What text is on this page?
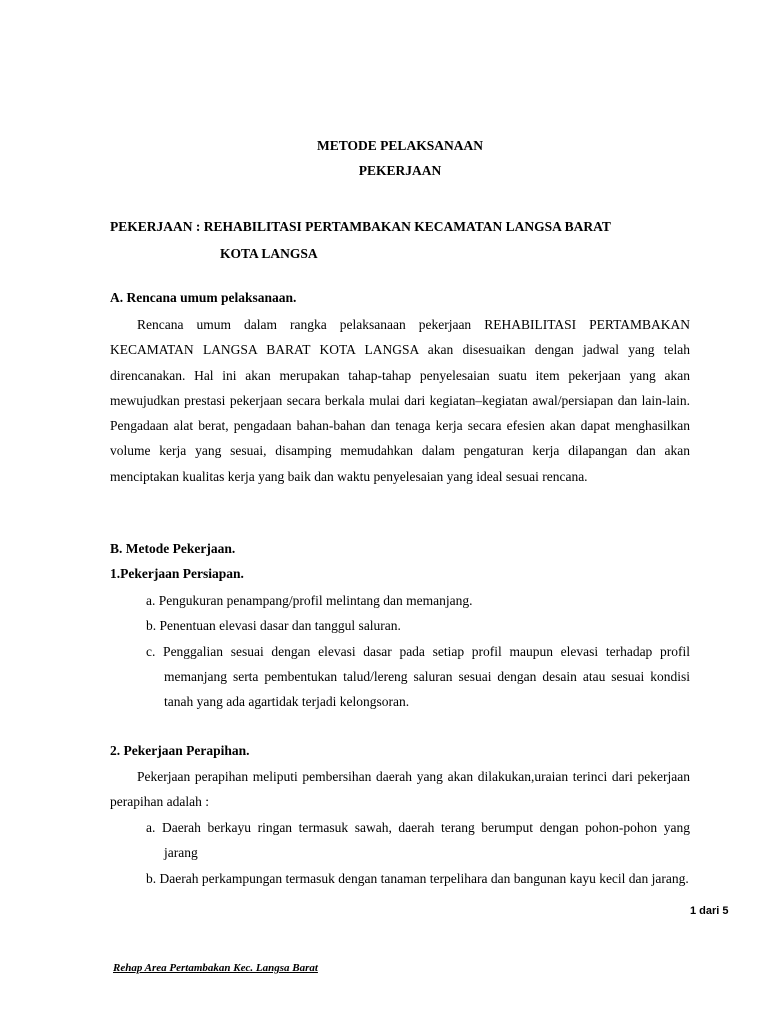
METODE PELAKSANAAN
PEKERJAAN
PEKERJAAN : REHABILITASI PERTAMBAKAN KECAMATAN LANGSA BARAT
KOTA LANGSA
A. Rencana umum pelaksanaan.

Rencana umum dalam rangka pelaksanaan pekerjaan REHABILITASI PERTAMBAKAN KECAMATAN LANGSA BARAT KOTA LANGSA akan disesuaikan dengan jadwal yang telah direncanakan. Hal ini akan merupakan tahap-tahap penyelesaian suatu item pekerjaan yang akan mewujudkan prestasi pekerjaan secara berkala mulai dari kegiatan–kegiatan awal/persiapan dan lain-lain. Pengadaan alat berat, pengadaan bahan-bahan dan tenaga kerja secara efesien akan dapat menghasilkan volume kerja yang sesuai, disamping memudahkan dalam pengaturan kerja dilapangan dan akan menciptakan kualitas kerja yang baik dan waktu penyelesaian yang ideal sesuai rencana.

B. Metode Pekerjaan.
1.Pekerjaan Persiapan.
a. Pengukuran penampang/profil melintang dan memanjang.
b. Penentuan elevasi dasar dan tanggul saluran.
c. Penggalian sesuai dengan elevasi dasar pada setiap profil maupun elevasi terhadap profil memanjang serta pembentukan talud/lereng saluran sesuai dengan desain atau sesuai kondisi tanah yang ada agartidak terjadi kelongsoran.
2. Pekerjaan Perapihan.

Pekerjaan perapihan meliputi pembersihan daerah yang akan dilakukan,uraian terinci dari pekerjaan perapihan adalah :

a. Daerah berkayu ringan termasuk sawah, daerah terang berumput dengan pohon-pohon yang jarang
b. Daerah perkampungan termasuk dengan tanaman terpelihara dan bangunan kayu kecil dan jarang.
1 dari 5
Rehap Area Pertambakan Kec. Langsa Barat
